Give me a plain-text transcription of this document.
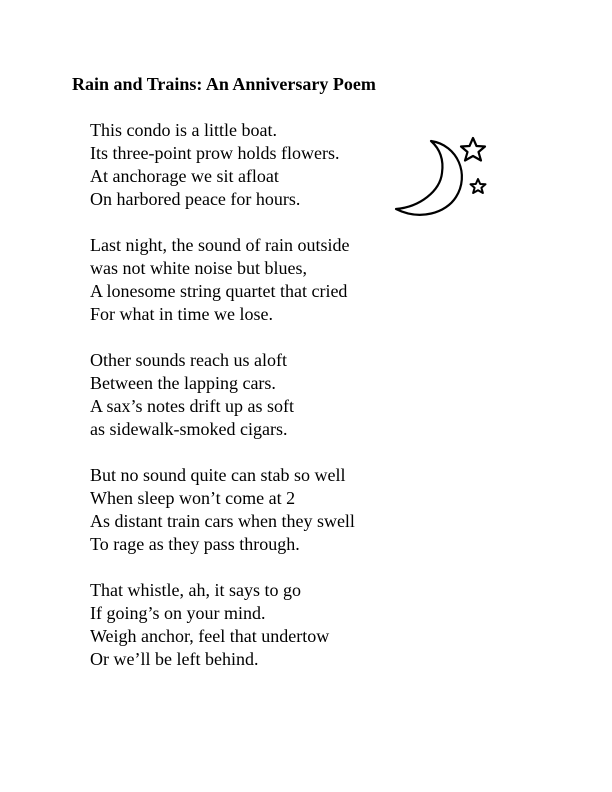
Rain and Trains: An Anniversary Poem
This condo is a little boat.
Its three-point prow holds flowers.
At anchorage we sit afloat
On harbored peace for hours.
Last night, the sound of rain outside
was not white noise but blues,
A lonesome string quartet that cried
For what in time we lose.
Other sounds reach us aloft
Between the lapping cars.
A sax’s notes drift up as soft
as sidewalk-smoked cigars.
But no sound quite can stab so well
When sleep won’t come at 2
As distant train cars when they swell
To rage as they pass through.
That whistle, ah, it says to go
If going’s on your mind.
Weigh anchor, feel that undertow
Or we’ll be left behind.
